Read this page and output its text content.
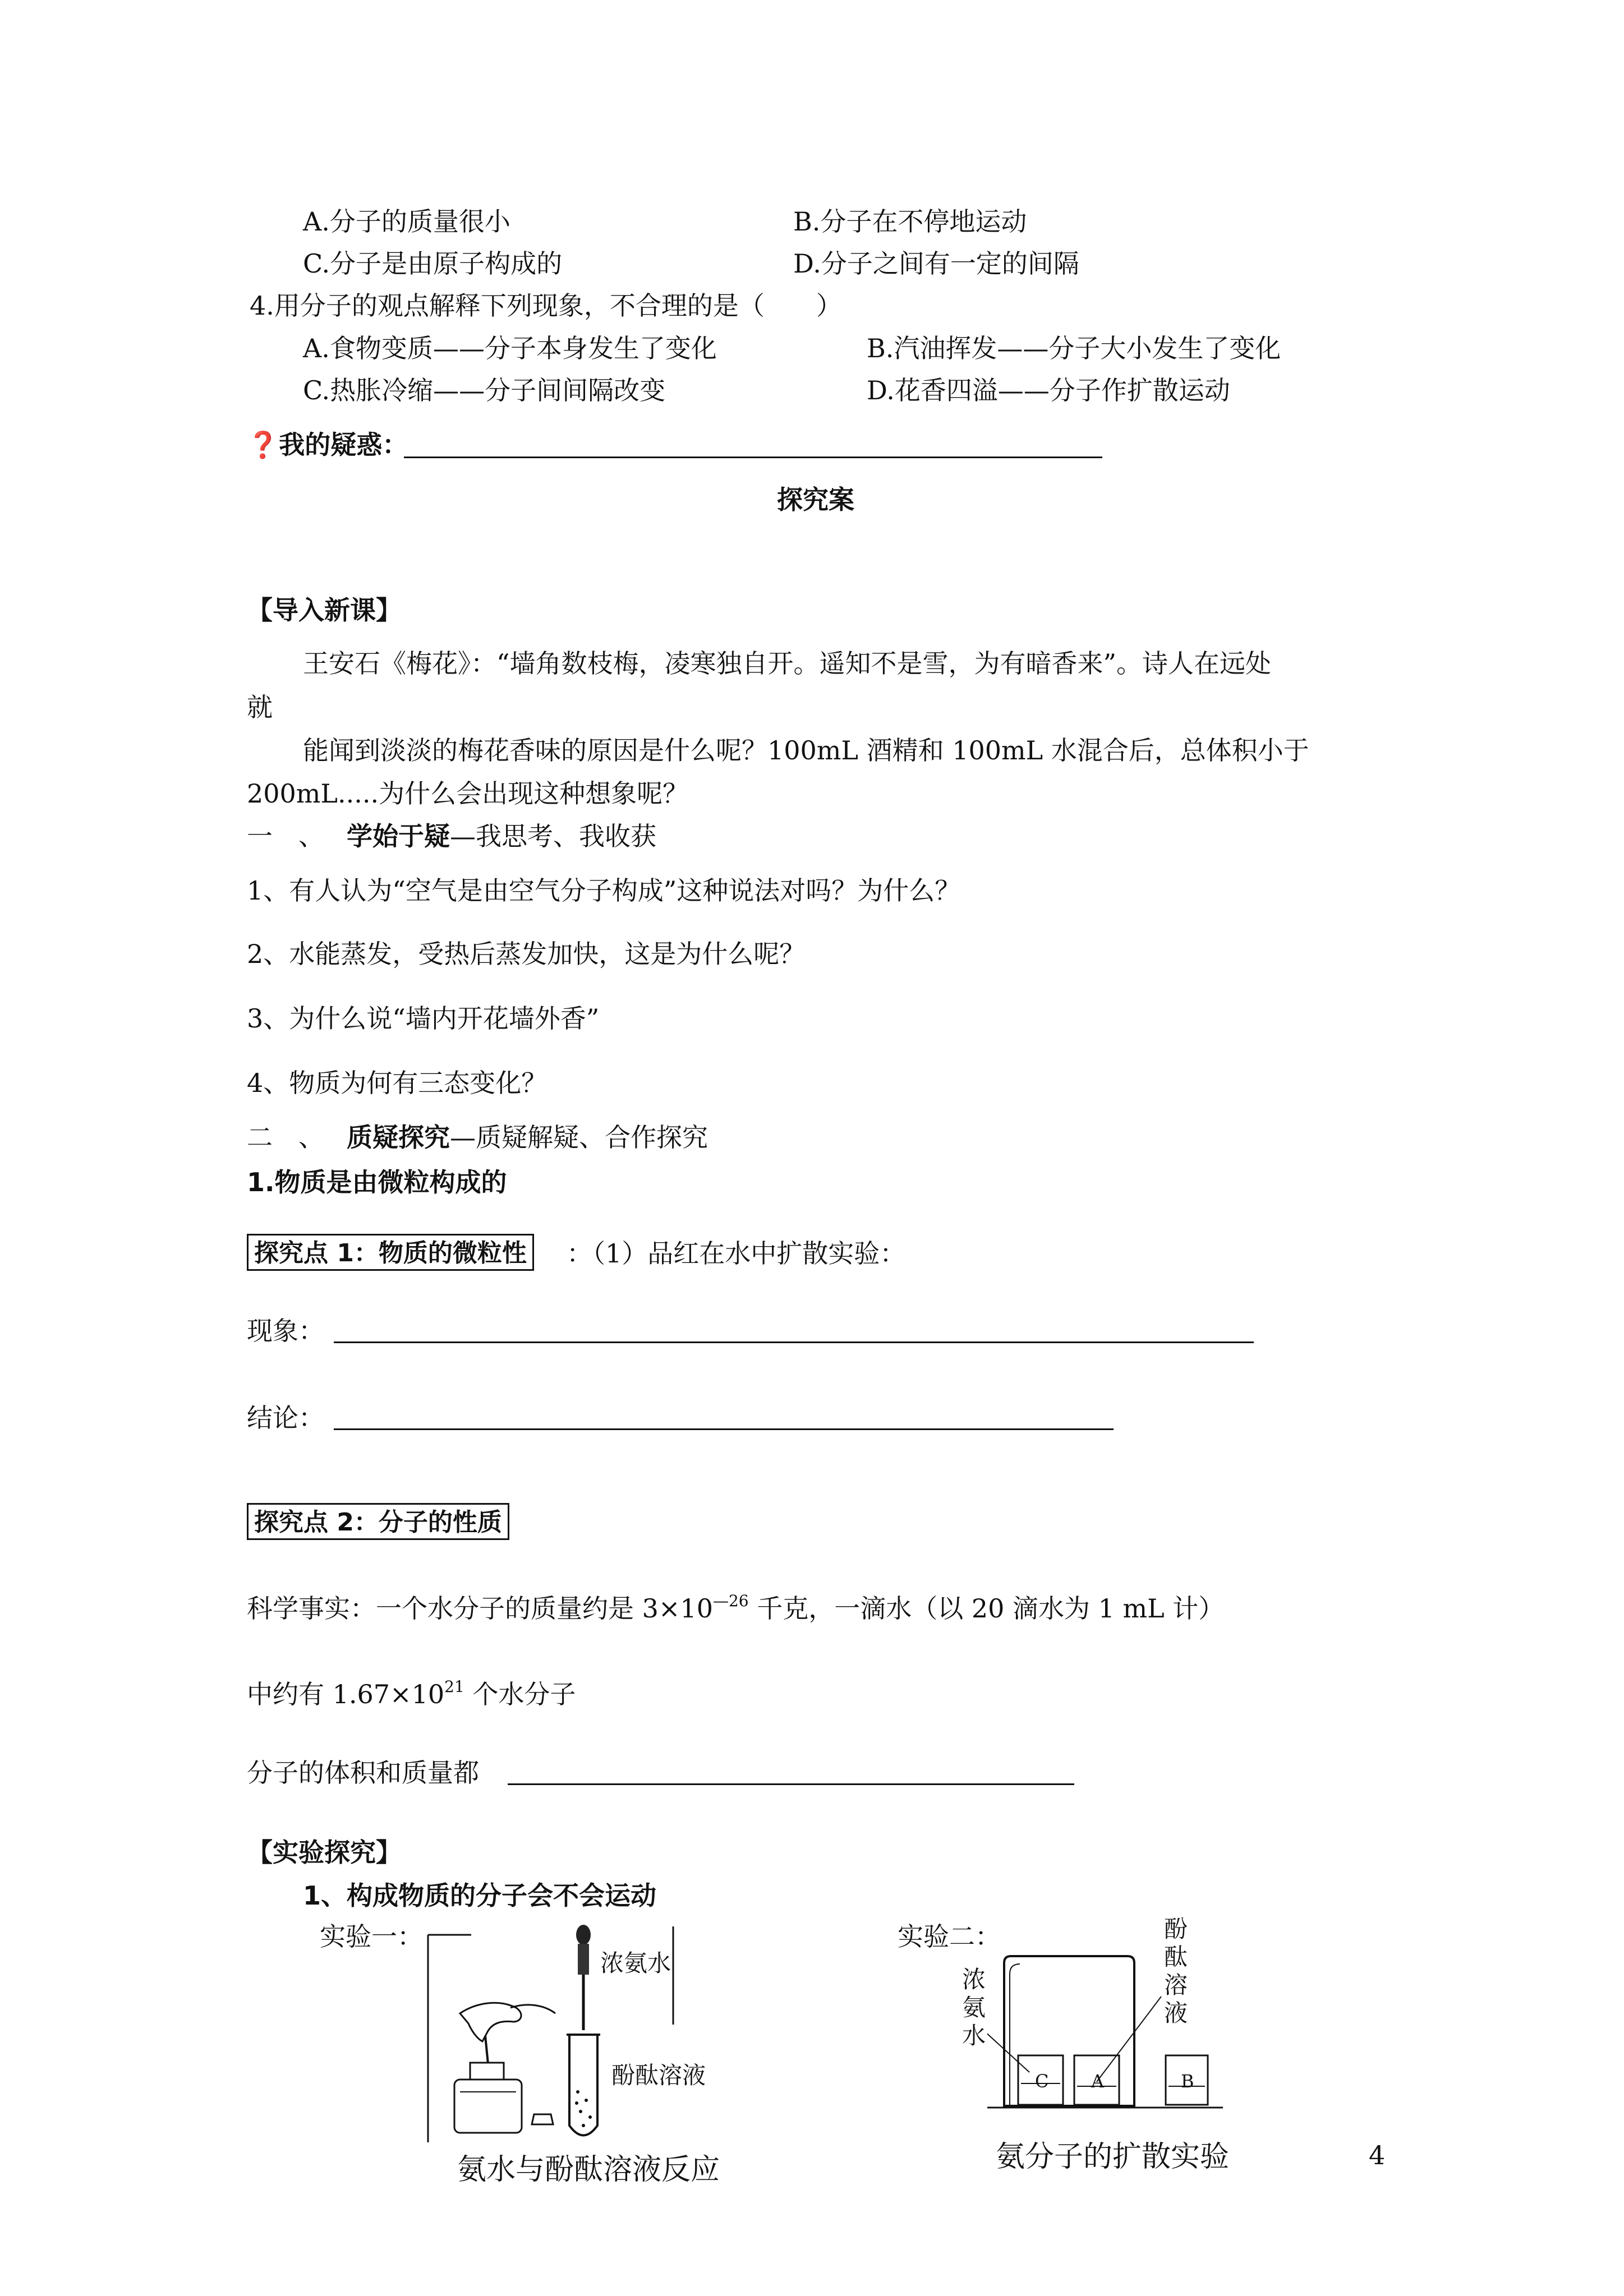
A.分子的质量很小	B.分子在不停地运动
C.分子是由原子构成的	D.分子之间有一定的间隔
4.用分子的观点解释下列现象，不合理的是（　　）
A.食物变质——分子本身发生了变化	B.汽油挥发——分子大小发生了变化
C.热胀冷缩——分子间间隔改变	D.花香四溢——分子作扩散运动
❓我的疑惑：
探究案
【导入新课】
王安石《梅花》：“墙角数枝梅，凌寒独自开。遥知不是雪，为有暗香来”。诗人在远处
就
能闻到淡淡的梅花香味的原因是什么呢？100mL 酒精和 100mL 水混合后，总体积小于
200mL.....为什么会出现这种想象呢？
一　、 学始于疑—我思考、我收获
1、有人认为“空气是由空气分子构成”这种说法对吗？为什么？
2、水能蒸发，受热后蒸发加快，这是为什么呢？
3、为什么说“墙内开花墙外香”
4、物质为何有三态变化？
二　、 质疑探究—质疑解疑、合作探究
1.物质是由微粒构成的
探究点 1：物质的微粒性 ：（1）品红在水中扩散实验：
现象：
结论：
探究点 2：分子的性质
科学事实：一个水分子的质量约是 $3\times 10^{—26}$ 千克，一滴水（以 20 滴水为 1 mL 计）
中约有 $1.67\times 10^{21}$ 个水分子
分子的体积和质量都
【实验探究】
1、构成物质的分子会不会运动
实验一：
浓氨水
酚酞溶液
氨水与酚酞溶液反应
实验二：	酚
酞
溶
液
浓
氨
水
C A	B
氨分子的扩散实验	4
